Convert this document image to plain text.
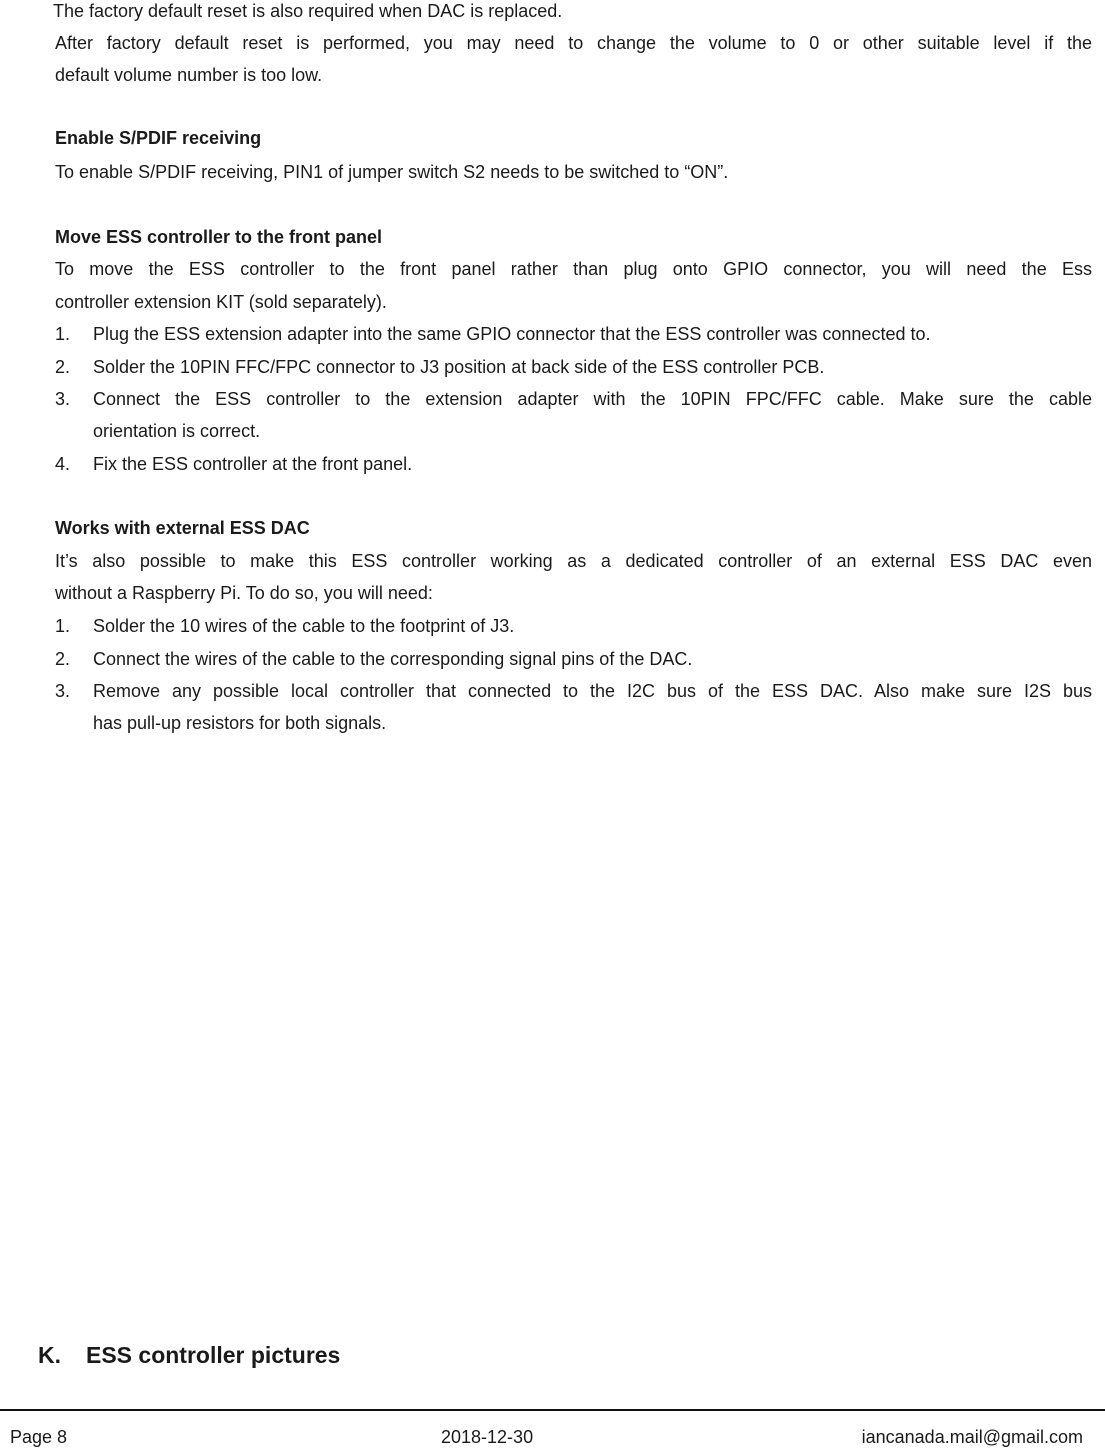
The factory default reset is also required when DAC is replaced.
After factory default reset is performed, you may need to change the volume to 0 or other suitable level if the
default volume number is too low.
Enable S/PDIF receiving
To enable S/PDIF receiving, PIN1 of jumper switch S2 needs to be switched to “ON”.
Move ESS controller to the front panel
To move the ESS controller to the front panel rather than plug onto GPIO connector, you will need the Ess
controller extension KIT (sold separately).
1. Plug the ESS extension adapter into the same GPIO connector that the ESS controller was connected to.
2. Solder the 10PIN FFC/FPC connector to J3 position at back side of the ESS controller PCB.
3. Connect the ESS controller to the extension adapter with the 10PIN FPC/FFC cable. Make sure the cable
orientation is correct.
4. Fix the ESS controller at the front panel.
Works with external ESS DAC
It’s also possible to make this ESS controller working as a dedicated controller of an external ESS DAC even
without a Raspberry Pi. To do so, you will need:
1. Solder the 10 wires of the cable to the footprint of J3.
2. Connect the wires of the cable to the corresponding signal pins of the DAC.
3. Remove any possible local controller that connected to the I2C bus of the ESS DAC. Also make sure I2S bus
has pull-up resistors for both signals.
K. ESS controller pictures
Page 8	2018-12-30	iancanada.mail@gmail.com
